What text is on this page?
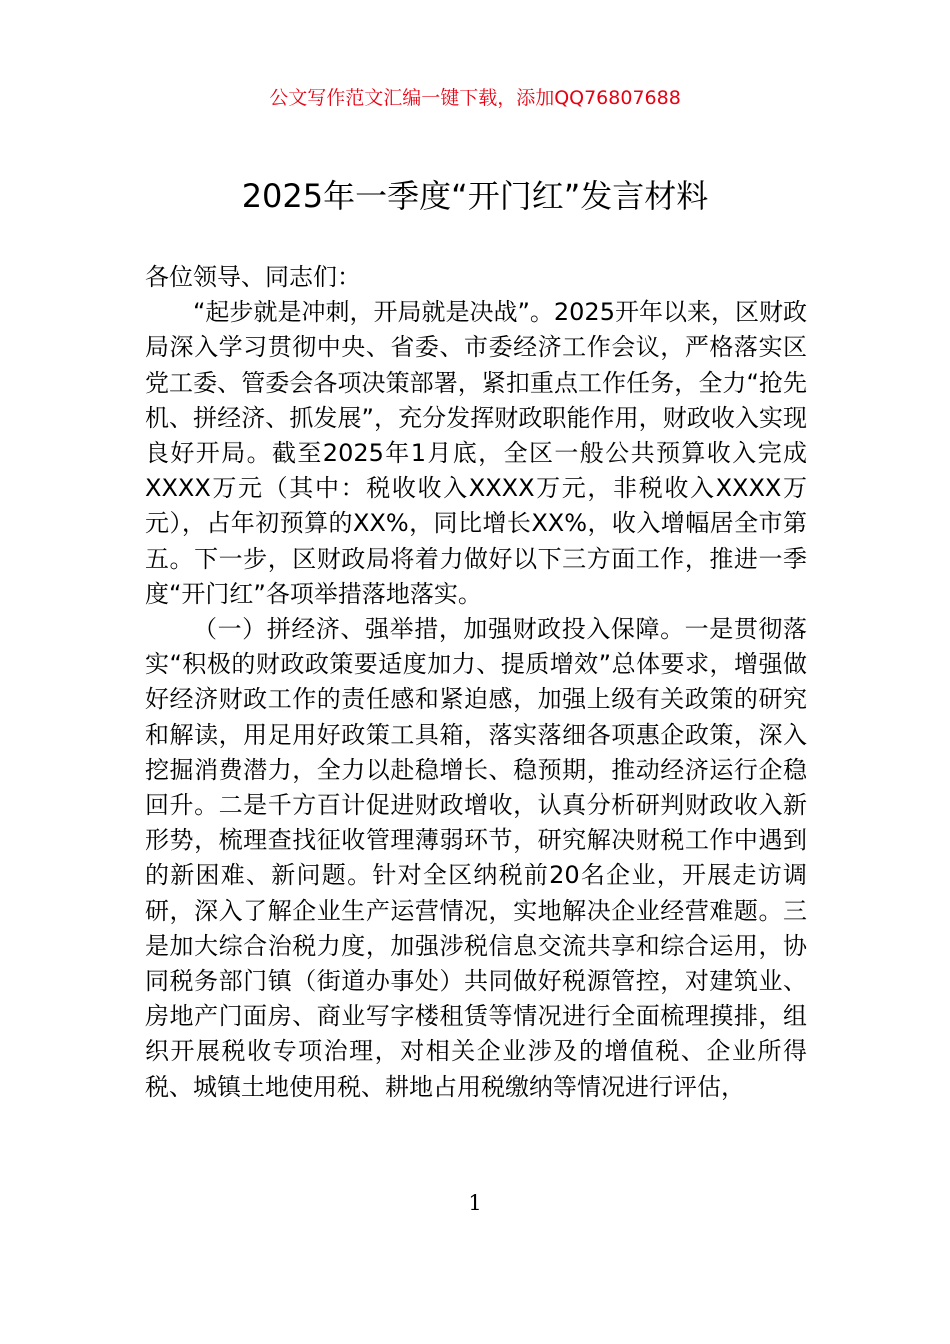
公文写作范文汇编一键下载，添加QQ76807688
2025年一季度“开门红”发言材料

各位领导、同志们：

“起步就是冲刺，开局就是决战”。2025开年以来，区财政局深入学习贯彻中央、省委、市委经济工作会议，严格落实区党工委、管委会各项决策部署，紧扣重点工作任务，全力“抢先机、拼经济、抓发展”，充分发挥财政职能作用，财政收入实现良好开局。截至2025年1月底，全区一般公共预算收入完成XXXX万元（其中：税收收入XXXX万元，非税收入XXXX万元），占年初预算的XX%，同比增长XX%，收入增幅居全市第五。下一步，区财政局将着力做好以下三方面工作，推进一季度“开门红”各项举措落地落实。

（一）拼经济、强举措，加强财政投入保障。一是贯彻落实“积极的财政政策要适度加力、提质增效”总体要求，增强做好经济财政工作的责任感和紧迫感，加强上级有关政策的研究和解读，用足用好政策工具箱，落实落细各项惠企政策，深入挖掘消费潜力，全力以赴稳增长、稳预期，推动经济运行企稳回升。二是千方百计促进财政增收，认真分析研判财政收入新形势，梳理查找征收管理薄弱环节，研究解决财税工作中遇到的新困难、新问题。针对全区纳税前20名企业，开展走访调研，深入了解企业生产运营情况，实地解决企业经营难题。三是加大综合治税力度，加强涉税信息交流共享和综合运用，协同税务部门镇（街道办事处）共同做好税源管控，对建筑业、房地产门面房、商业写字楼租赁等情况进行全面梳理摸排，组织开展税收专项治理，对相关企业涉及的增值税、企业所得税、城镇土地使用税、耕地占用税缴纳等情况进行评估，

1
